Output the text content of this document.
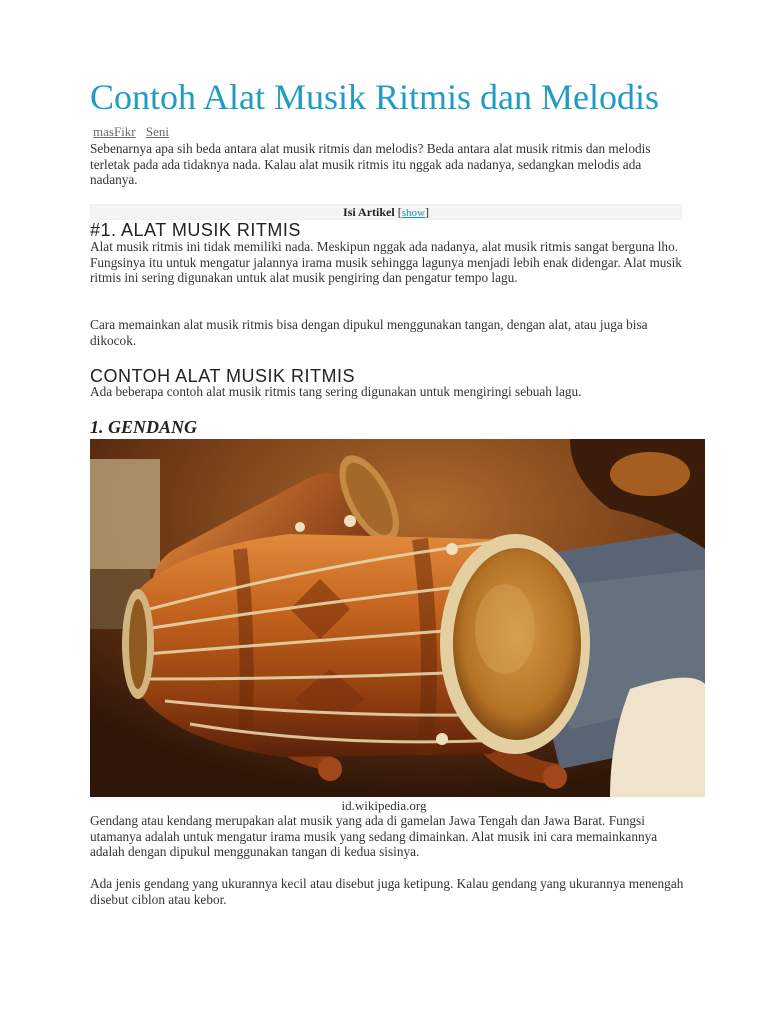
Contoh Alat Musik Ritmis dan Melodis
masFikr Seni

Sebenarnya apa sih beda antara alat musik ritmis dan melodis? Beda antara alat musik ritmis dan melodis terletak pada ada tidaknya nada. Kalau alat musik ritmis itu nggak ada nadanya, sedangkan melodis ada nadanya.

Isi Artikel [show]
#1. ALAT MUSIK RITMIS

Alat musik ritmis ini tidak memiliki nada. Meskipun nggak ada nadanya, alat musik ritmis sangat berguna lho. Fungsinya itu untuk mengatur jalannya irama musik sehingga lagunya menjadi lebih enak didengar. Alat musik ritmis ini sering digunakan untuk alat musik pengiring dan pengatur tempo lagu.

Cara memainkan alat musik ritmis bisa dengan dipukul menggunakan tangan, dengan alat, atau juga bisa dikocok.

CONTOH ALAT MUSIK RITMIS

Ada beberapa contoh alat musik ritmis tang sering digunakan untuk mengiringi sebuah lagu.

1. GENDANG
id.wikipedia.org

Gendang atau kendang merupakan alat musik yang ada di gamelan Jawa Tengah dan Jawa Barat. Fungsi utamanya adalah untuk mengatur irama musik yang sedang dimainkan. Alat musik ini cara memainkannya adalah dengan dipukul menggunakan tangan di kedua sisinya.

Ada jenis gendang yang ukurannya kecil atau disebut juga ketipung. Kalau gendang yang ukurannya menengah disebut ciblon atau kebor.
